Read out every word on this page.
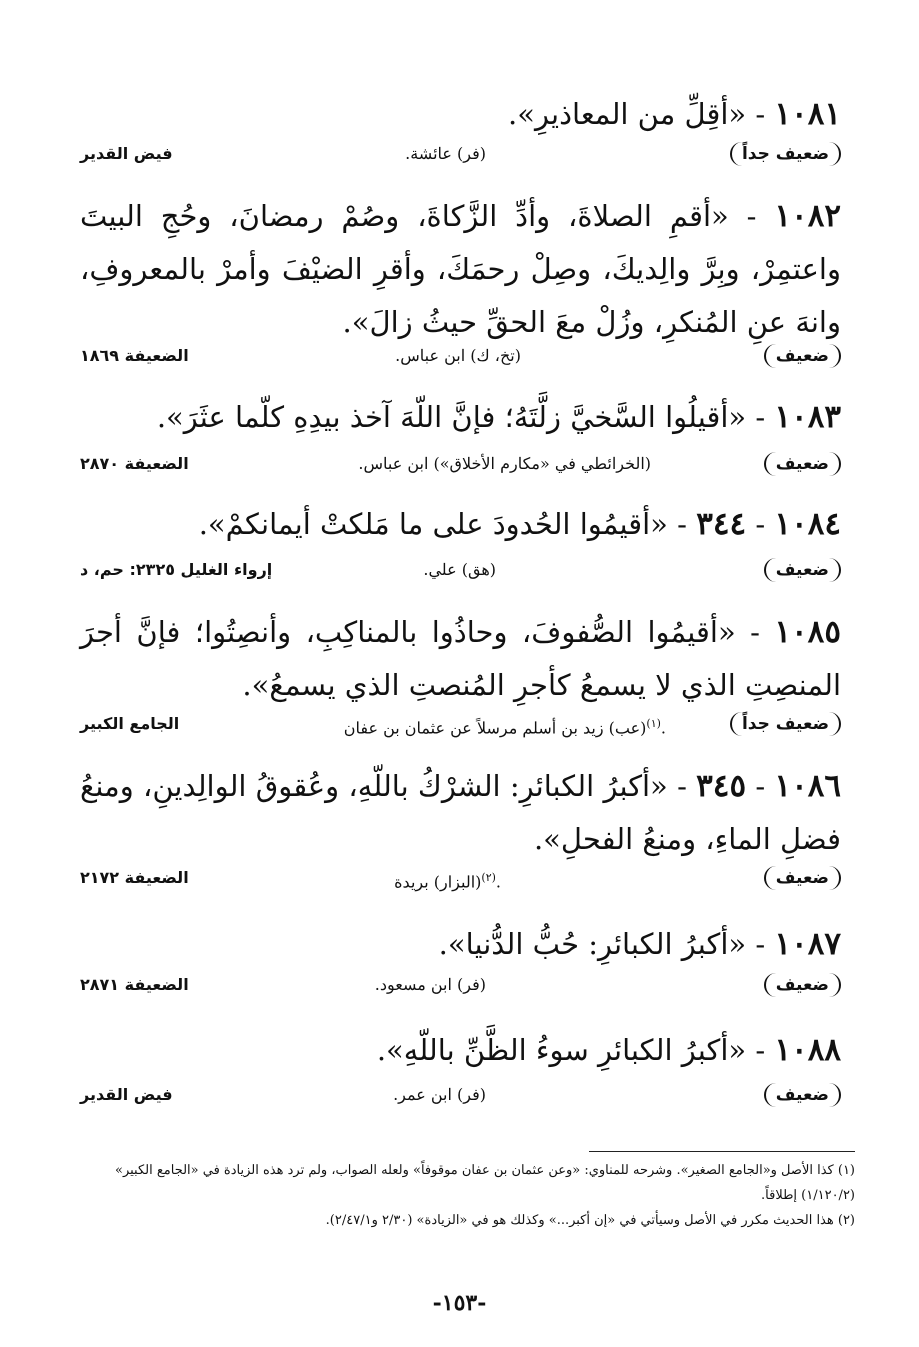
١٠٨١ - «أقِلِّ من المعاذيرِ».
ضعيف جداً
(فر) عائشة.
فيض القدير
١٠٨٢ - «أقمِ الصلاةَ، وأدِّ الزَّكاةَ، وصُمْ رمضانَ، وحُجِ البيتَ واعتمِرْ، وبِرَّ والِديكَ، وصِلْ رحمَكَ، وأقرِ الضيْفَ وأمرْ بالمعروفِ، وانهَ عنِ المُنكرِ، وزُلْ معَ الحقِّ حيثُ زالَ».
ضعيف
(تخ، ك) ابن عباس.
الضعيفة ١٨٦٩
١٠٨٣ - «أقيلُوا السَّخيَّ زلَّتَهُ؛ فإنَّ اللّهَ آخذ بيدِهِ كلّما عثَرَ».
ضعيف
(الخرائطي في «مكارم الأخلاق») ابن عباس.
الضعيفة ٢٨٧٠
١٠٨٤ - ٣٤٤ - «أقيمُوا الحُدودَ على ما مَلكتْ أيمانكمْ».
ضعيف
(هق) علي.
إرواء الغليل ٢٣٢٥: حم، د
١٠٨٥ - «أقيمُوا الصُّفوفَ، وحاذُوا بالمناكِبِ، وأنصِتُوا؛ فإنَّ أجرَ المنصِتِ الذي لا يسمعُ كأجرِ المُنصتِ الذي يسمعُ».
ضعيف جداً
(عب) زيد بن أسلم مرسلاً عن عثمان بن عفان$^{(١)}$.
الجامع الكبير
١٠٨٦ - ٣٤٥ - «أكبرُ الكبائرِ: الشرْكُ باللّهِ، وعُقوقُ الوالِدينِ، ومنعُ فضلِ الماءِ، ومنعُ الفحلِ».
ضعيف
(البزار) بريدة$^{(٢)}$.
الضعيفة ٢١٧٢
١٠٨٧ - «أكبرُ الكبائرِ: حُبُّ الدُّنيا».
ضعيف
(فر) ابن مسعود.
الضعيفة ٢٨٧١
١٠٨٨ - «أكبرُ الكبائرِ سوءُ الظَّنِّ باللّهِ».
ضعيف
(فر) ابن عمر.
فيض القدير

(١) كذا الأصل و«الجامع الصغير». وشرحه للمناوي: «وعن عثمان بن عفان موقوفاً» ولعله الصواب، ولم ترد هذه الزيادة في «الجامع الكبير» (١/١٢٠/٢) إطلاقاً.

(٢) هذا الحديث مكرر في الأصل وسيأتي في «إن أكبر...» وكذلك هو في «الزيادة» (٢/٣٠ و٢/٤٧/١).

-١٥٣-
